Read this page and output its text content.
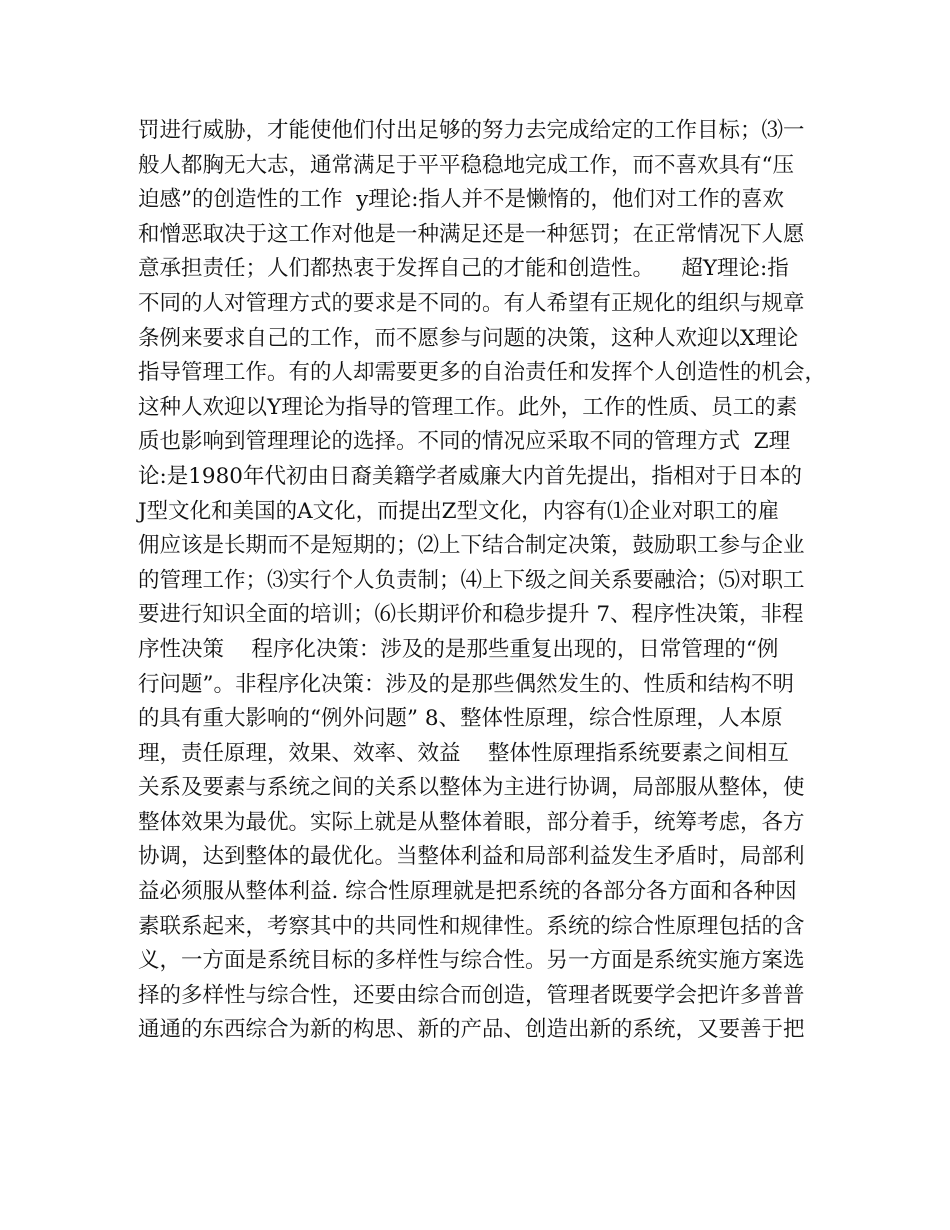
罚进行威胁，才能使他们付出足够的努力去完成给定的工作目标；⑶一
般人都胸无大志，通常满足于平平稳稳地完成工作，而不喜欢具有“压
迫感”的创造性的工作  y理论:指人并不是懒惰的，他们对工作的喜欢
和憎恶取决于这工作对他是一种满足还是一种惩罚；在正常情况下人愿
意承担责任；人们都热衷于发挥自己的才能和创造性。    超Y理论:指
不同的人对管理方式的要求是不同的。有人希望有正规化的组织与规章
条例来要求自己的工作，而不愿参与问题的决策，这种人欢迎以X理论
指导管理工作。有的人却需要更多的自治责任和发挥个人创造性的机会，
这种人欢迎以Y理论为指导的管理工作。此外，工作的性质、员工的素
质也影响到管理理论的选择。不同的情况应采取不同的管理方式  Z理
论:是1980年代初由日裔美籍学者威廉大内首先提出，指相对于日本的
J型文化和美国的A文化，而提出Z型文化，内容有⑴企业对职工的雇
佣应该是长期而不是短期的；⑵上下结合制定决策，鼓励职工参与企业
的管理工作；⑶实行个人负责制；⑷上下级之间关系要融洽；⑸对职工
要进行知识全面的培训；⑹长期评价和稳步提升 7、程序性决策，非程
序性决策    程序化决策：涉及的是那些重复出现的，日常管理的“例
行问题”。非程序化决策：涉及的是那些偶然发生的、性质和结构不明
的具有重大影响的“例外问题” 8、整体性原理，综合性原理，人本原
理，责任原理，效果、效率、效益    整体性原理指系统要素之间相互
关系及要素与系统之间的关系以整体为主进行协调，局部服从整体，使
整体效果为最优。实际上就是从整体着眼，部分着手，统筹考虑，各方
协调，达到整体的最优化。当整体利益和局部利益发生矛盾时，局部利
益必须服从整体利益. 综合性原理就是把系统的各部分各方面和各种因
素联系起来，考察其中的共同性和规律性。系统的综合性原理包括的含
义，一方面是系统目标的多样性与综合性。另一方面是系统实施方案选
择的多样性与综合性，还要由综合而创造，管理者既要学会把许多普普
通通的东西综合为新的构思、新的产品、创造出新的系统，又要善于把
